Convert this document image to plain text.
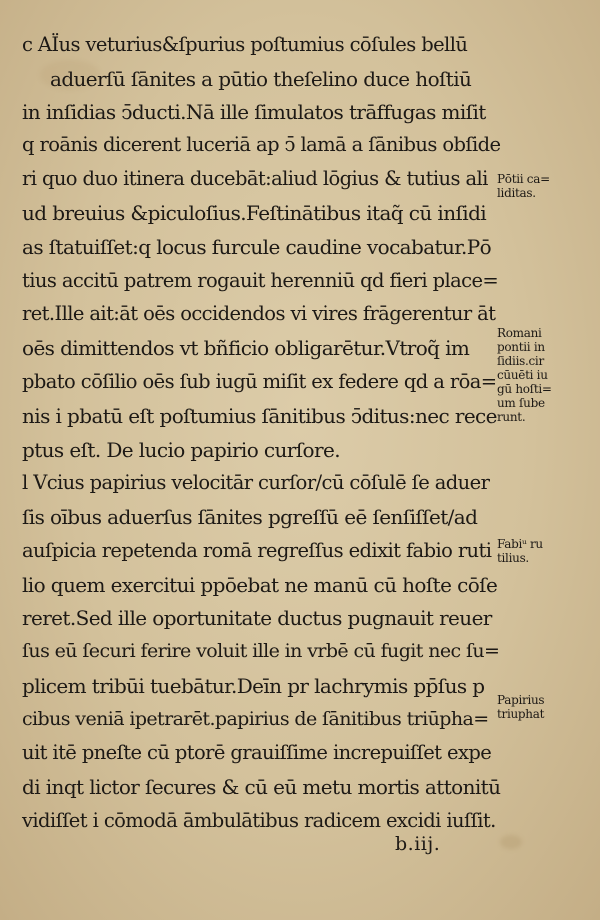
c AÏus veturius&ſpurius poſtumius cōſules bellū
aduerſū ſānites a pūtio theſelino duce hoſtiū
in inſidias ↄ̄ducti.Nā ille ſimulatos trāffugas miſit
q roānis dicerent luceriā ap ↄ̄ lamā a ſānibus obſide
ri quo duo itinera ducebāt:aliud lōgius & tutius ali
ud breuius &piculoſius.Feſtinātibus itaq̃ cū inſidi
as ſtatuiſſet:q locus furcule caudine vocabatur.Pō
tius accitū patrem rogauit herenniū qd fieri place=
ret.Ille ait:āt oēs occidendos vi vires frāgerentur āt
oēs dimittendos vt bñficio obligarētur.Vtroq̃ im
pbato cōſilio oēs ſub iugū miſit ex federe qd a rōa=
nis i pbatū eſt poſtumius ſānitibus ↄ̄ditus:nec rece
ptus eſt. De lucio papirio curſore.
l Vcius papirius velocitār curſor/cū cōſulē ſe aduer
ſis oībus aduerſus ſānites pgreſſū eē ſenſiſſet/ad
auſpicia repetenda romā regreſſus edixit fabio ruti
lio quem exercitui ppōebat ne manū cū hoſte cōſe
reret.Sed ille oportunitate ductus pugnauit reuer
ſus eū ſecuri ferire voluit ille in vrbē cū fugit nec ſu=
plicem tribūi tuebātur.Deīn pr lachrymis pp̄ſus p
cibus veniā ipetrarēt.papirius de ſānitibus triūpha=
uit itē pneſte cū ptorē grauiſſime increpuiſſet expe
di inqt lictor ſecures & cū eū metu mortis attonitū
vidiſſet i cōmodā āmbulātibus radicem excidi iuſſit.
Pōtii ca=
liditas.
Romani
pontii in
ſidiis.cir
cūuēti iu
gū hoſti=
um ſube
runt.
Fabiᵘ ru
tilius.
Papirius
triuphat
b.iij.
